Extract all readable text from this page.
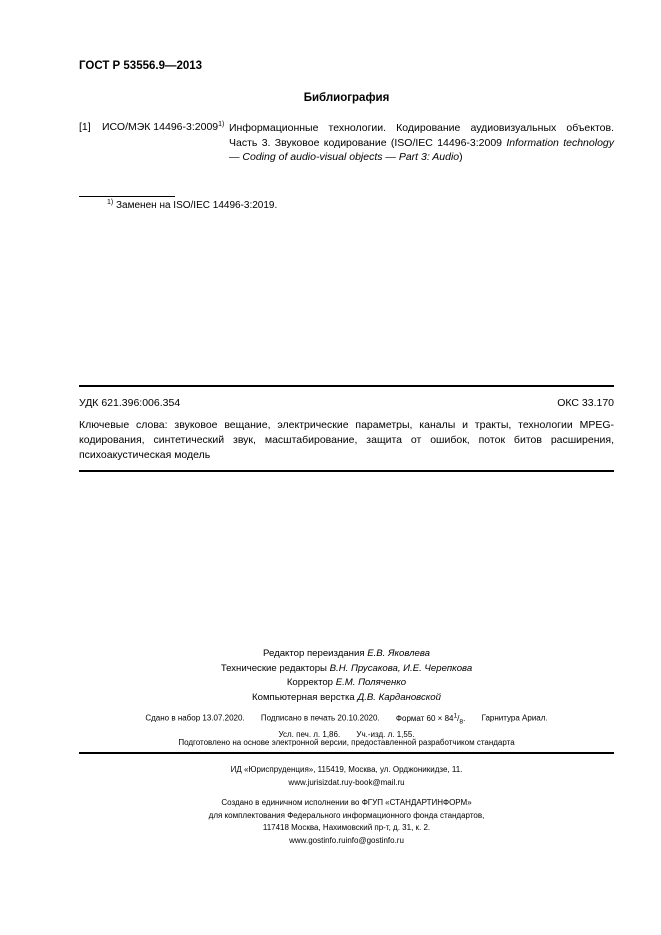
ГОСТ Р 53556.9—2013
Библиография
[1] ИСО/МЭК 14496-3:2009$^{1)}$ Информационные технологии. Кодирование аудиовизуальных объектов. Часть 3. Звуковое кодирование (ISO/IEC 14496-3:2009 Information technology — Coding of audio-visual objects — Part 3: Audio)
$^{1)}$ Заменен на ISO/IEC 14496-3:2019.
УДК 621.396:006.354	ОКС 33.170
Ключевые слова: звуковое вещание, электрические параметры, каналы и тракты, технологии MPEG-кодирования, синтетический звук, масштабирование, защита от ошибок, поток битов расширения, психоакустическая модель
Редактор переиздания Е.В. Яковлева
Технические редакторы В.Н. Прусакова, И.Е. Черепкова
Корректор Е.М. Поляченко
Компьютерная верстка Д.В. Кардановской
Сдано в набор 13.07.2020. Подписано в печать 20.10.2020. Формат $60 \times 84^1/_8$. Гарнитура Ариал.
Усл. печ. л. 1,86. Уч.-изд. л. 1,55.
Подготовлено на основе электронной версии, предоставленной разработчиком стандарта
ИД «Юриспруденция», 115419, Москва, ул. Орджоникидзе, 11.
www.jurisizdat.ruy-book@mail.ru
Создано в единичном исполнении во ФГУП «СТАНДАРТИНФОРМ»
для комплектования Федерального информационного фонда стандартов,
117418 Москва, Нахимовский пр-т, д. 31, к. 2.
www.gostinfo.ruinfo@gostinfo.ru
